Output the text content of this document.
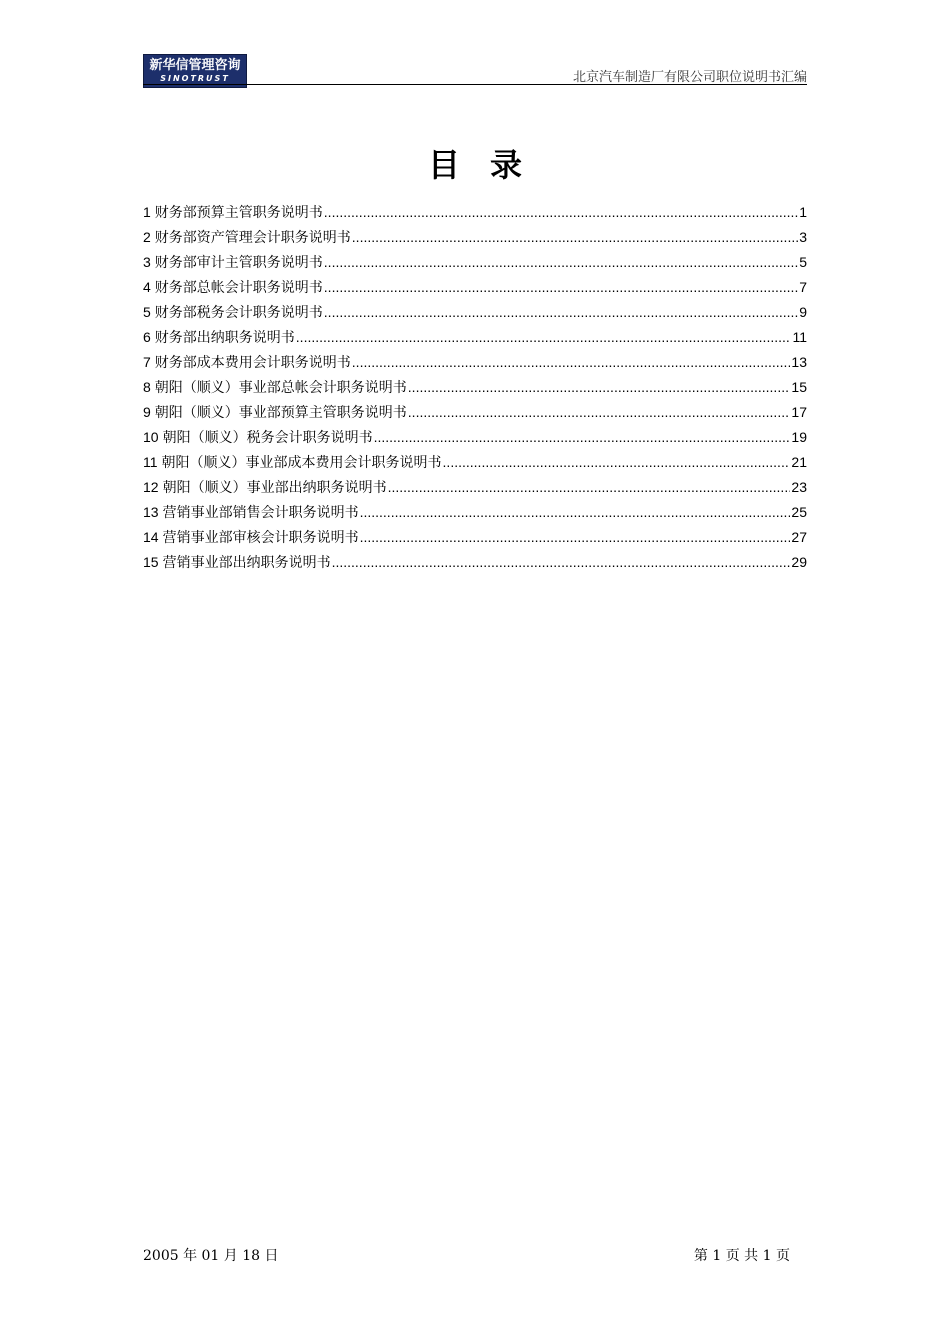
新华信管理咨询
SINOTRUST	北京汽车制造厂有限公司职位说明书汇编
目录
1 财务部预算主管职务说明书 .....	1
2 财务部资产管理会计职务说明书 .....	3
3 财务部审计主管职务说明书 .....	5
4 财务部总帐会计职务说明书 .....	7
5 财务部税务会计职务说明书 .....	9
6 财务部出纳职务说明书 .....	11
7 财务部成本费用会计职务说明书 .....	13
8 朝阳（顺义）事业部总帐会计职务说明书 .....	15
9 朝阳（顺义）事业部预算主管职务说明书 .....	17
10 朝阳（顺义）税务会计职务说明书 .....	19
11 朝阳（顺义）事业部成本费用会计职务说明书 .....	21
12 朝阳（顺义）事业部出纳职务说明书 .....	23
13 营销事业部销售会计职务说明书 .....	25
14 营销事业部审核会计职务说明书 .....	27
15 营销事业部出纳职务说明书 .....	29
2005 年 01 月 18 日	第 1 页 共 1 页
